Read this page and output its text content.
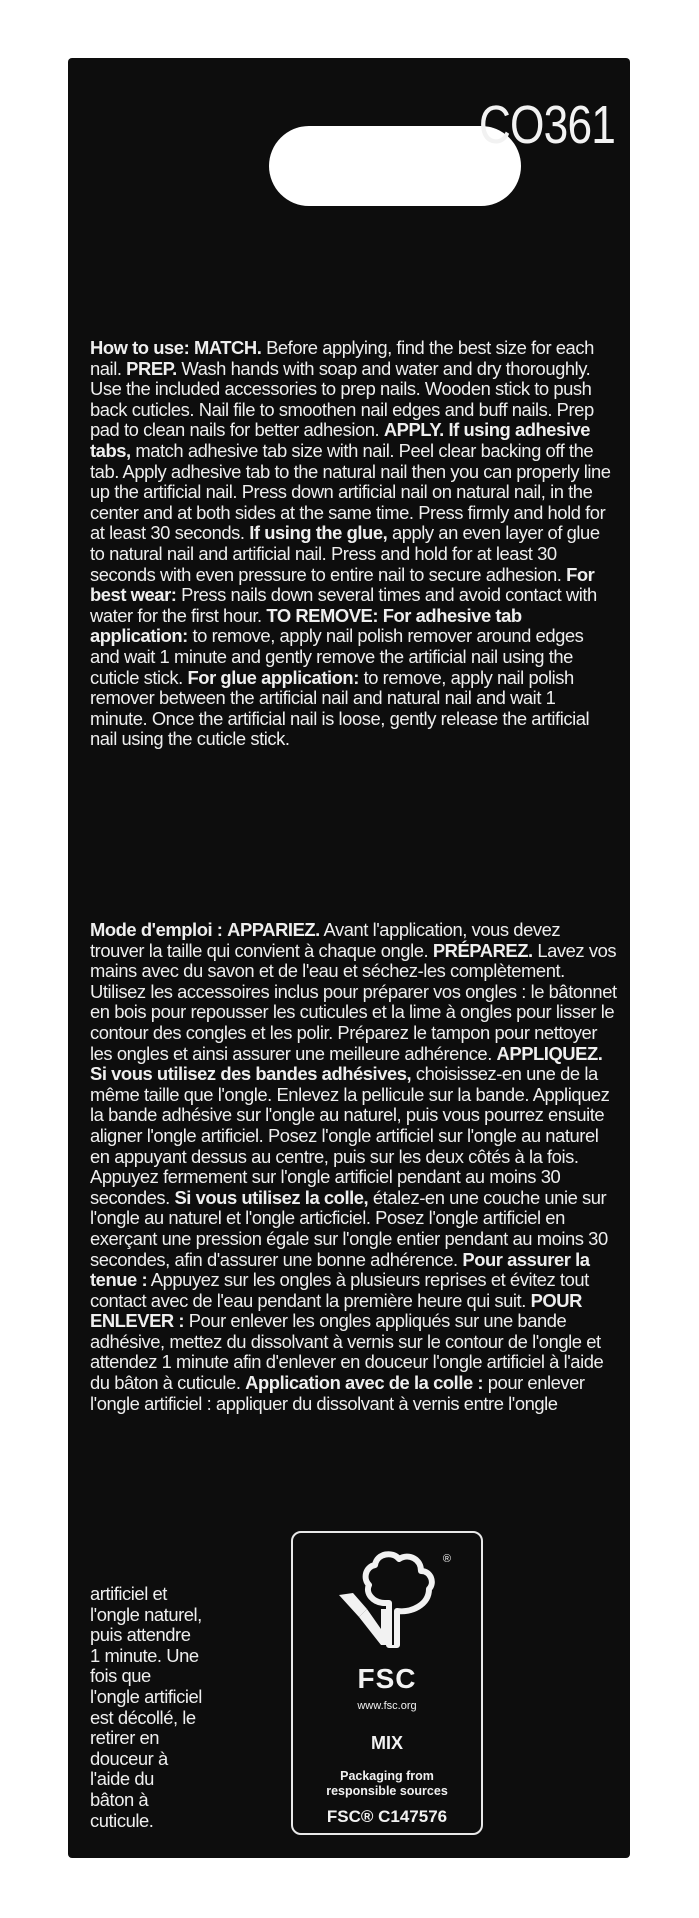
CO361
How to use: MATCH. Before applying, find the best size for each nail. PREP. Wash hands with soap and water and dry thoroughly. Use the included accessories to prep nails. Wooden stick to push back cuticles. Nail file to smoothen nail edges and buff nails. Prep pad to clean nails for better adhesion. APPLY. If using adhesive tabs, match adhesive tab size with nail. Peel clear backing off the tab. Apply adhesive tab to the natural nail then you can properly line up the artificial nail. Press down artificial nail on natural nail, in the center and at both sides at the same time. Press firmly and hold for at least 30 seconds. If using the glue, apply an even layer of glue to natural nail and artificial nail. Press and hold for at least 30 seconds with even pressure to entire nail to secure adhesion. For best wear: Press nails down several times and avoid contact with water for the first hour. TO REMOVE: For adhesive tab application: to remove, apply nail polish remover around edges and wait 1 minute and gently remove the artificial nail using the cuticle stick. For glue application: to remove, apply nail polish remover between the artificial nail and natural nail and wait 1 minute. Once the artificial nail is loose, gently release the artificial nail using the cuticle stick.
Mode d'emploi : APPARIEZ. Avant l'application, vous devez trouver la taille qui convient à chaque ongle. PRÉPAREZ. Lavez vos mains avec du savon et de l'eau et séchez-les complètement. Utilisez les accessoires inclus pour préparer vos ongles : le bâtonnet en bois pour repousser les cuticules et la lime à ongles pour lisser le contour des congles et les polir. Préparez le tampon pour nettoyer les ongles et ainsi assurer une meilleure adhérence. APPLIQUEZ. Si vous utilisez des bandes adhésives, choisissez-en une de la même taille que l'ongle. Enlevez la pellicule sur la bande. Appliquez la bande adhésive sur l'ongle au naturel, puis vous pourrez ensuite aligner l'ongle artificiel. Posez l'ongle artificiel sur l'ongle au naturel en appuyant dessus au centre, puis sur les deux côtés à la fois. Appuyez fermement sur l'ongle artificiel pendant au moins 30 secondes. Si vous utilisez la colle, étalez-en une couche unie sur l'ongle au naturel et l'ongle articficiel. Posez l'ongle artificiel en exerçant une pression égale sur l'ongle entier pendant au moins 30 secondes, afin d'assurer une bonne adhérence. Pour assurer la tenue : Appuyez sur les ongles à plusieurs reprises et évitez tout contact avec de l'eau pendant la première heure qui suit. POUR ENLEVER : Pour enlever les ongles appliqués sur une bande adhésive, mettez du dissolvant à vernis sur le contour de l'ongle et attendez 1 minute afin d'enlever en douceur l'ongle artificiel à l'aide du bâton à cuticule. Application avec de la colle : pour enlever l'ongle artificiel : appliquer du dissolvant à vernis entre l'ongle
artificiel et l'ongle naturel, puis attendre 1 minute. Une fois que l'ongle artificiel est décollé, le retirer en douceur à l'aide du bâton à cuticule.
®
FSC
www.fsc.org
MIX
Packaging from
responsible sources
FSC® C147576
